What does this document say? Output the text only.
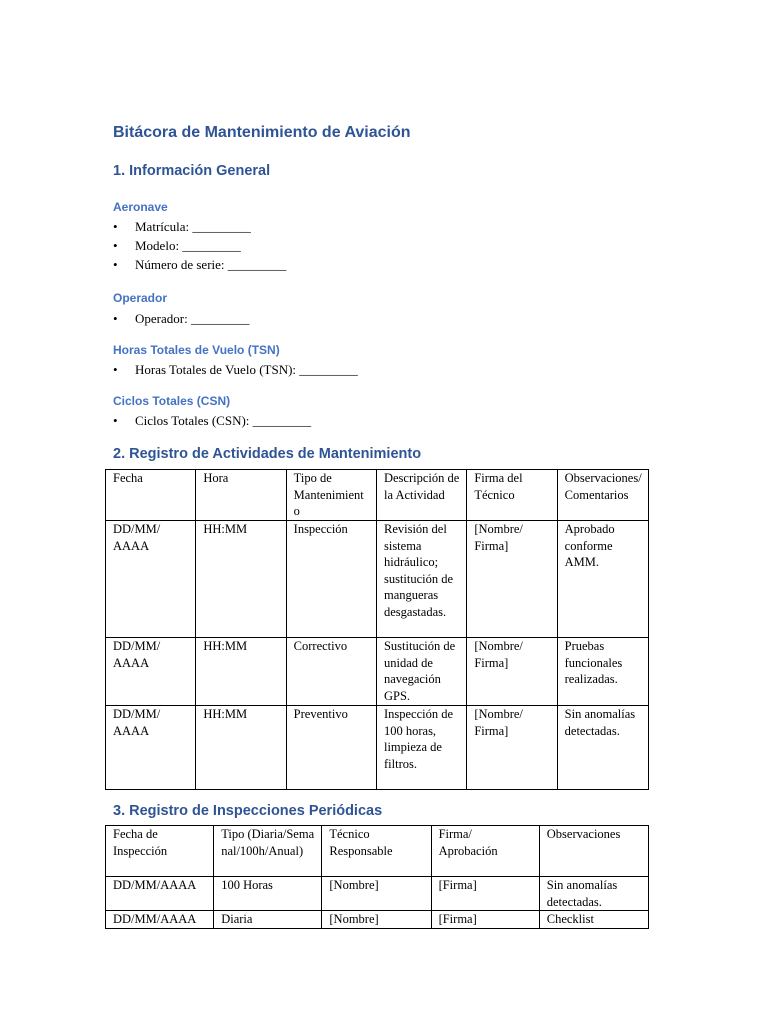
Bitácora de Mantenimiento de Aviación
1. Información General
Aeronave
• Matrícula: _________
• Modelo: _________
• Número de serie: _________
Operador
• Operador: _________
Horas Totales de Vuelo (TSN)
• Horas Totales de Vuelo (TSN): _________
Ciclos Totales (CSN)
• Ciclos Totales (CSN): _________
2. Registro de Actividades de Mantenimiento
Fecha	Hora	Tipo de Mantenimiento	Descripción de la Actividad	Firma del Técnico	Observaciones/ Comentarios
DD/MM/ AAAA	HH:MM	Inspección	Revisión del sistema hidráulico; sustitución de mangueras desgastadas.	[Nombre/ Firma]	Aprobado conforme AMM.
DD/MM/ AAAA	HH:MM	Correctivo	Sustitución de unidad de navegación GPS.	[Nombre/ Firma]	Pruebas funcionales realizadas.
DD/MM/ AAAA	HH:MM	Preventivo	Inspección de 100 horas, limpieza de filtros.	[Nombre/ Firma]	Sin anomalías detectadas.
3. Registro de Inspecciones Periódicas
Fecha de Inspección	Tipo (Diaria/Semanal/100h/Anual)	Técnico Responsable	Firma/ Aprobación	Observaciones
DD/MM/AAAA	100 Horas	[Nombre]	[Firma]	Sin anomalías detectadas.
DD/MM/AAAA	Diaria	[Nombre]	[Firma]	Checklist
